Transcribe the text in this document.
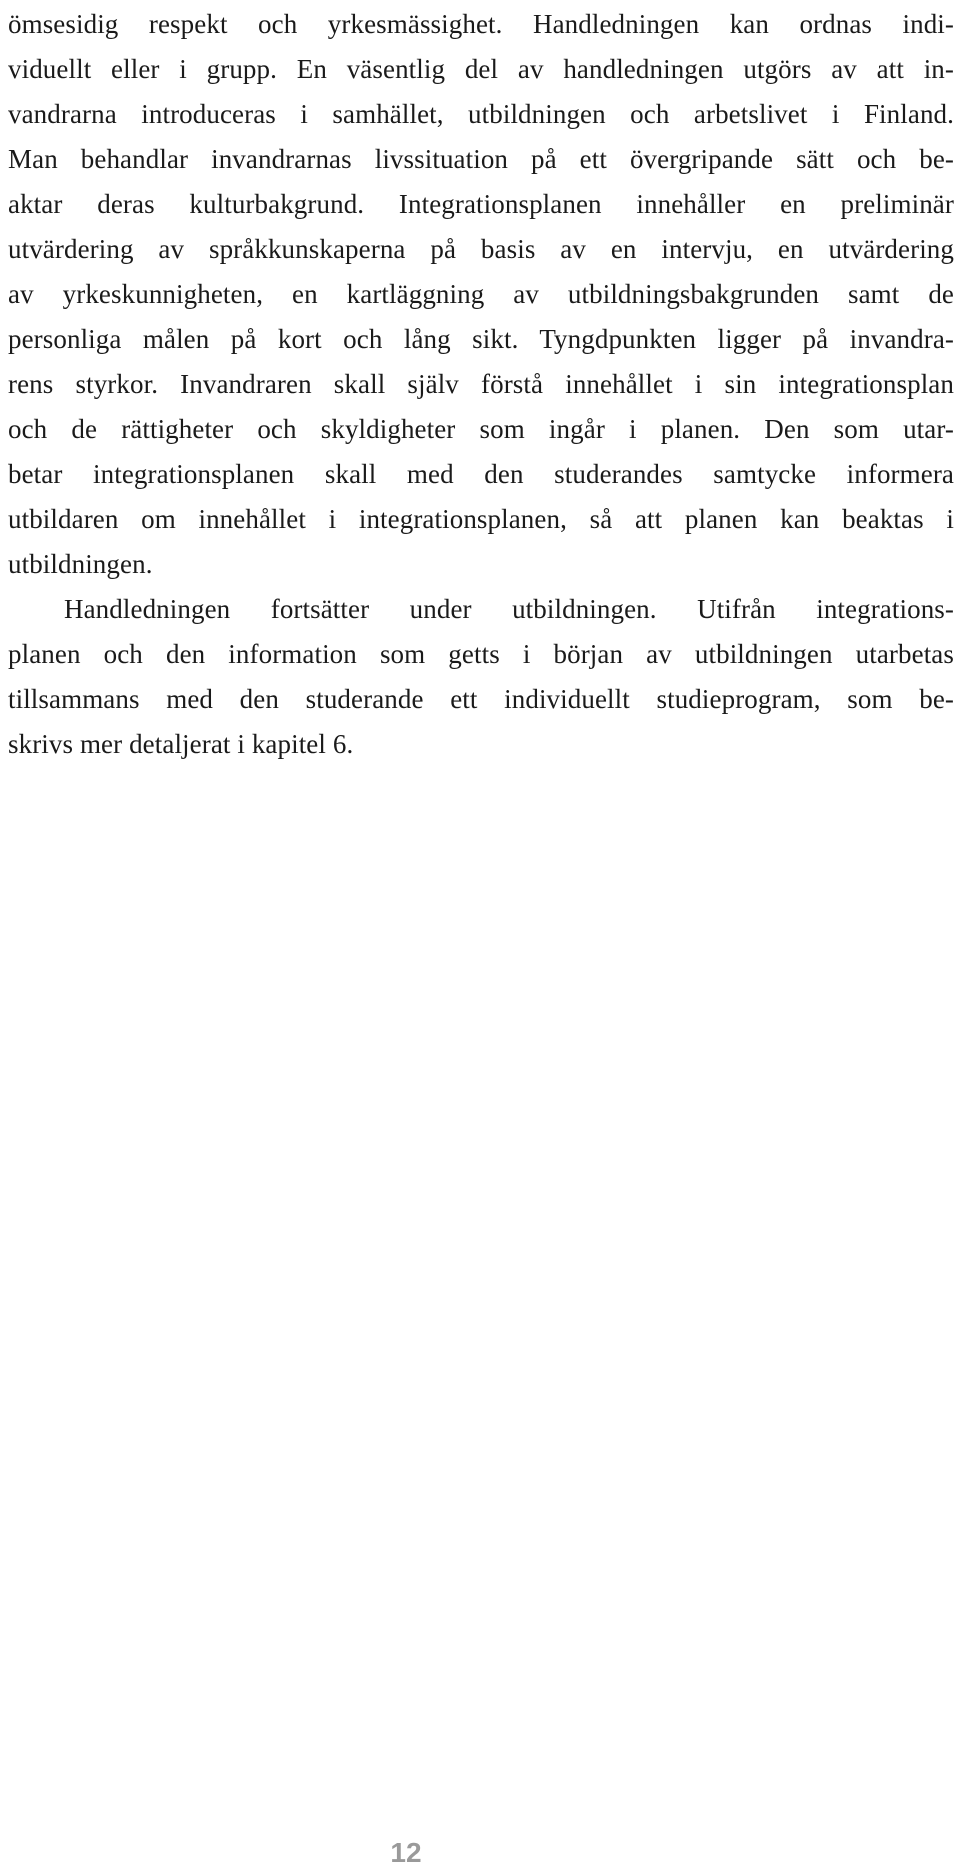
ömsesidig respekt och yrkesmässighet. Handledningen kan ordnas indi-
viduellt eller i grupp. En väsentlig del av handledningen utgörs av att in-
vandrarna introduceras i samhället, utbildningen och arbetslivet i Finland.
Man behandlar invandrarnas livssituation på ett övergripande sätt och be-
aktar deras kulturbakgrund. Integrationsplanen innehåller en preliminär
utvärdering av språkkunskaperna på basis av en intervju, en utvärdering
av yrkeskunnigheten, en kartläggning av utbildningsbakgrunden samt de
personliga målen på kort och lång sikt. Tyngdpunkten ligger på invandra-
rens styrkor. Invandraren skall själv förstå innehållet i sin integrationsplan
och de rättigheter och skyldigheter som ingår i planen. Den som utar-
betar integrationsplanen skall med den studerandes samtycke informera
utbildaren om innehållet i integrationsplanen, så att planen kan beaktas i
utbildningen.
Handledningen fortsätter under utbildningen. Utifrån integrations-
planen och den information som getts i början av utbildningen utarbetas
tillsammans med den studerande ett individuellt studieprogram, som be-
skrivs mer detaljerat i kapitel 6.
12
